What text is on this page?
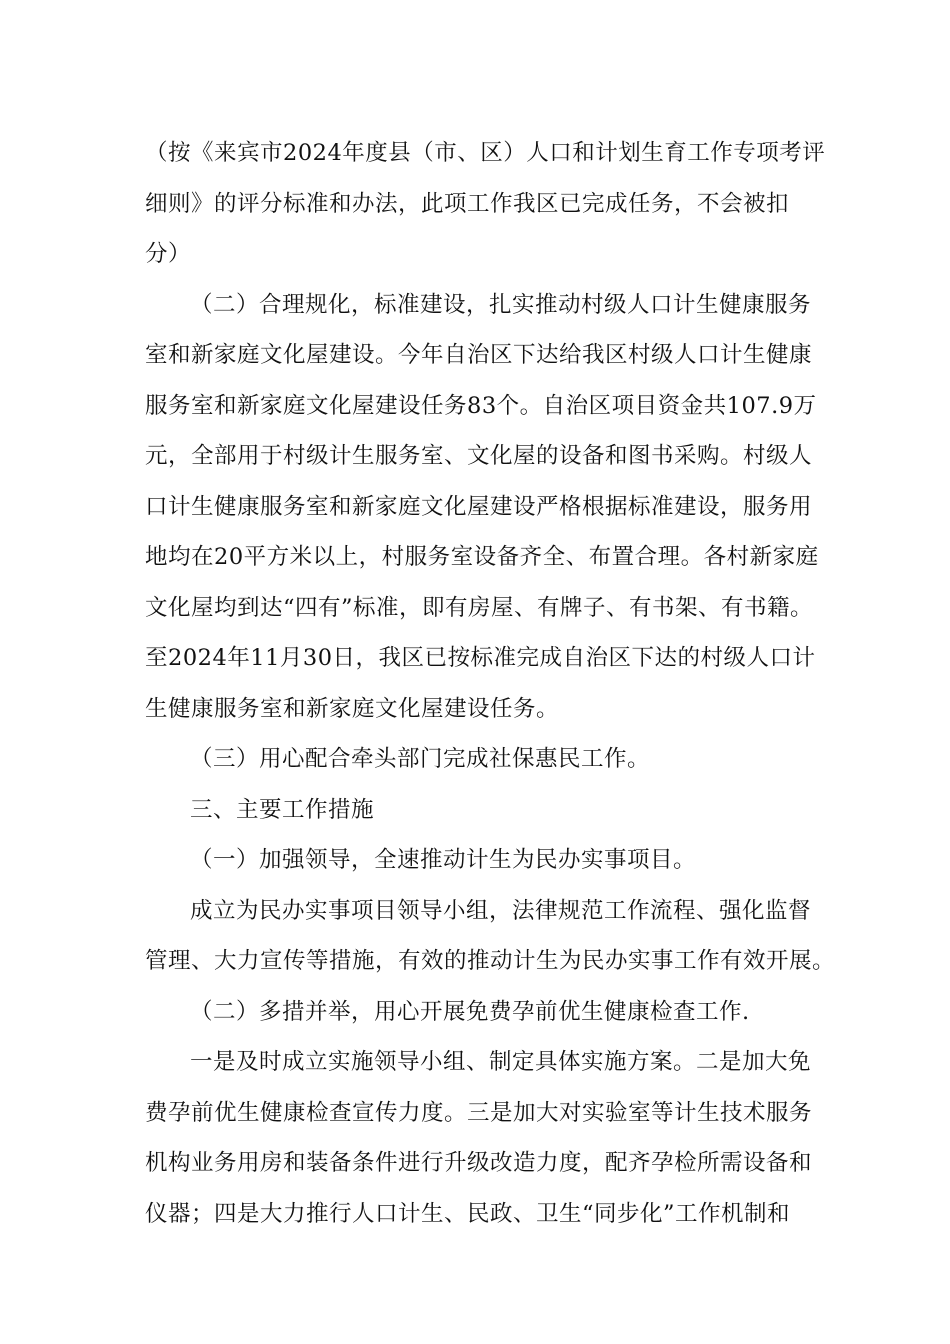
（按《来宾市2024年度县（市、区）人口和计划生育工作专项考评
细则》的评分标准和办法，此项工作我区已完成任务，不会被扣
分）
（二）合理规化，标准建设，扎实推动村级人口计生健康服务
室和新家庭文化屋建设。今年自治区下达给我区村级人口计生健康
服务室和新家庭文化屋建设任务83个。自治区项目资金共107.9万
元，全部用于村级计生服务室、文化屋的设备和图书采购。村级人
口计生健康服务室和新家庭文化屋建设严格根据标准建设，服务用
地均在20平方米以上，村服务室设备齐全、布置合理。各村新家庭
文化屋均到达“四有”标准，即有房屋、有牌子、有书架、有书籍。
至2024年11月30日，我区已按标准完成自治区下达的村级人口计
生健康服务室和新家庭文化屋建设任务。
（三）用心配合牵头部门完成社保惠民工作。
三、主要工作措施
（一）加强领导，全速推动计生为民办实事项目。
成立为民办实事项目领导小组，法律规范工作流程、强化监督
管理、大力宣传等措施，有效的推动计生为民办实事工作有效开展。
（二）多措并举，用心开展免费孕前优生健康检查工作.
一是及时成立实施领导小组、制定具体实施方案。二是加大免
费孕前优生健康检查宣传力度。三是加大对实验室等计生技术服务
机构业务用房和装备条件进行升级改造力度，配齐孕检所需设备和
仪器；四是大力推行人口计生、民政、卫生“同步化”工作机制和
